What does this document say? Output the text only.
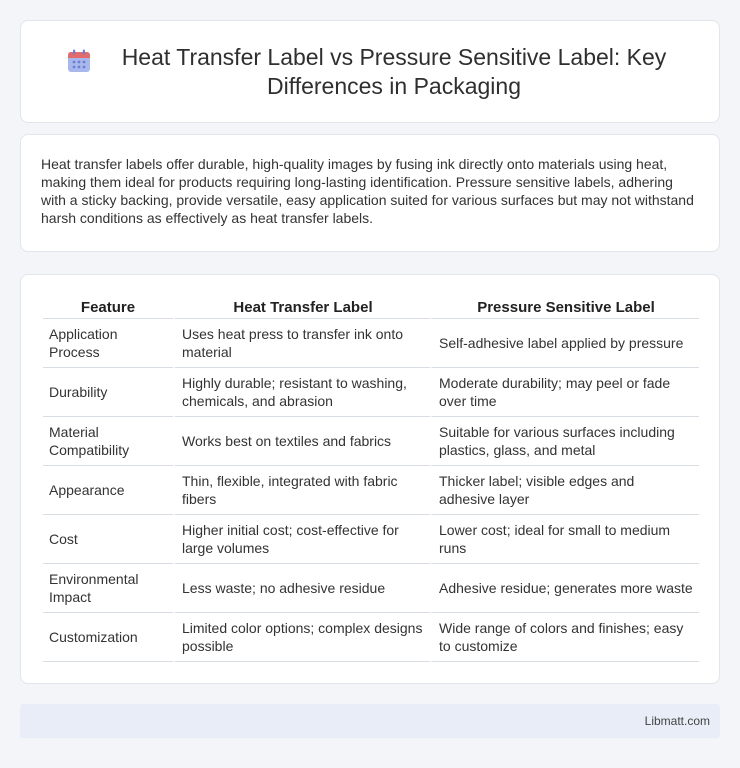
Heat Transfer Label vs Pressure Sensitive Label: Key Differences in Packaging

Heat transfer labels offer durable, high-quality images by fusing ink directly onto materials using heat, making them ideal for products requiring long-lasting identification. Pressure sensitive labels, adhering with a sticky backing, provide versatile, easy application suited for various surfaces but may not withstand harsh conditions as effectively as heat transfer labels.

Feature	Heat Transfer Label	Pressure Sensitive Label
Application Process	Uses heat press to transfer ink onto material	Self-adhesive label applied by pressure
Durability	Highly durable; resistant to washing, chemicals, and abrasion	Moderate durability; may peel or fade over time
Material Compatibility	Works best on textiles and fabrics	Suitable for various surfaces including plastics, glass, and metal
Appearance	Thin, flexible, integrated with fabric fibers	Thicker label; visible edges and adhesive layer
Cost	Higher initial cost; cost-effective for large volumes	Lower cost; ideal for small to medium runs
Environmental Impact	Less waste; no adhesive residue	Adhesive residue; generates more waste
Customization	Limited color options; complex designs possible	Wide range of colors and finishes; easy to customize
Libmatt.com
